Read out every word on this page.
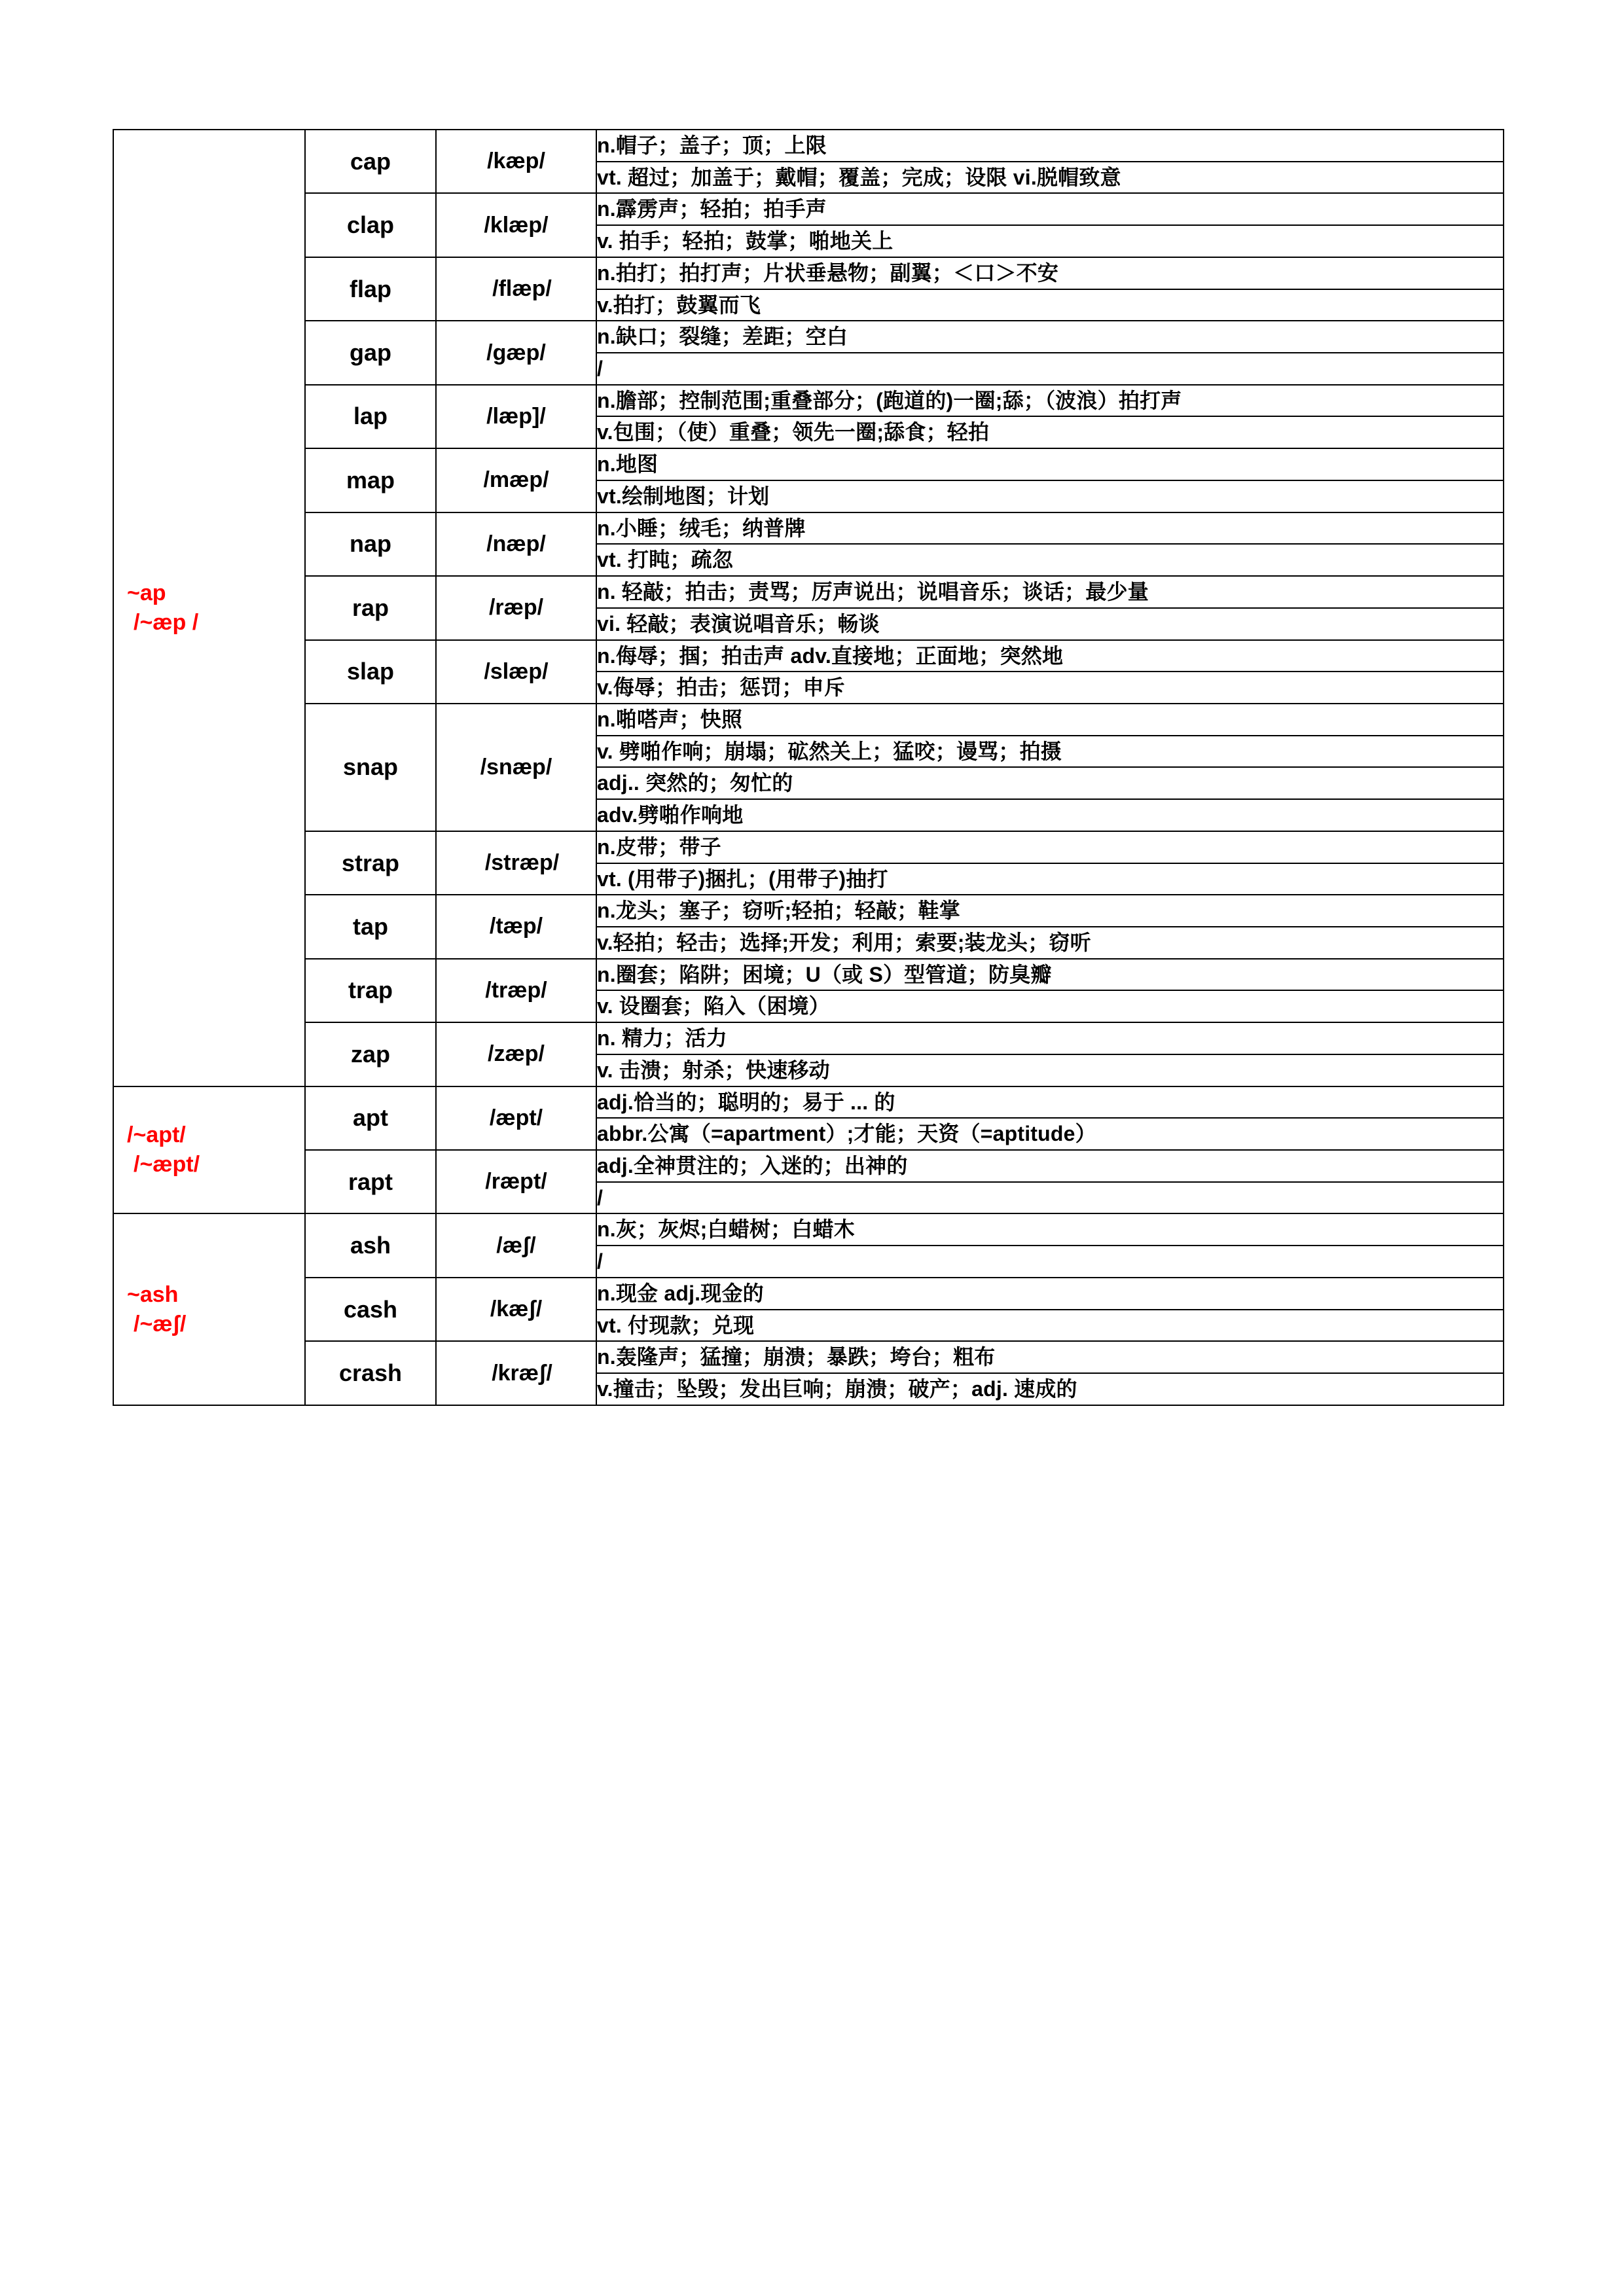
~ap
/~æp /	cap	/kæp/	n.帽子；盖子；顶；上限
			vt. 超过；加盖于；戴帽；覆盖；完成；设限 vi.脱帽致意
	clap	/klæp/	n.霹雳声；轻拍；拍手声
			v. 拍手；轻拍；鼓掌；啪地关上
	flap	/flæp/	n.拍打；拍打声；片状垂悬物；副翼；＜口＞不安
			v.拍打；鼓翼而飞
	gap	/ɡæp/	n.缺口；裂缝；差距；空白
			/
	lap	/læp]/	n.膽部；控制范围;重叠部分；(跑道的)一圈;舔；（波浪）拍打声
			v.包围；（使）重叠；领先一圈;舔食；轻拍
	map	/mæp/	n.地图
			vt.绘制地图；计划
	nap	/næp/	n.小睡；绒毛；纳普牌
			vt. 打盹；疏忽
	rap	/ræp/	n. 轻敲；拍击；责骂；厉声说出；说唱音乐；谈话；最少量
			vi. 轻敲；表演说唱音乐；畅谈
	slap	/slæp/	n.侮辱；掴；拍击声 adv.直接地；正面地；突然地
			v.侮辱；拍击；惩罚；申斥
	snap	/snæp/	n.啪嗒声；快照
			v. 劈啪作响；崩塌；砿然关上；猛咬；谩骂；拍摄
			adj.. 突然的；匆忙的
			adv.劈啪作响地
	strap	/stræp/	n.皮带；带子
			vt. (用带子)捆扎；(用带子)抽打
	tap	/tæp/	n.龙头；塞子；窃听;轻拍；轻敲；鞋掌
			v.轻拍；轻击；选择;开发；利用；索要;装龙头；窃听
	trap	/træp/	n.圈套；陷阱；困境；U（或 S）型管道；防臭瓣
			v. 设圈套；陷入（困境）
	zap	/zæp/	n. 精力；活力
			v. 击溃；射杀；快速移动

/~apt/
/~æpt/	apt	/æpt/	adj.恰当的；聪明的；易于 ... 的
			abbr.公寓（=apartment）;才能；天资（=aptitude）
	rapt	/ræpt/	adj.全神贯注的；入迷的；出神的
			/

~ash
/~æʃ/	ash	/æʃ/	n.灰；灰烬;白蜡树；白蜡木
			/
	cash	/kæʃ/	n.现金 adj.现金的
			vt. 付现款；兑现
	crash	/kræʃ/	n.轰隆声；猛撞；崩溃；暴跌；垮台；粗布
			v.撞击；坠毁；发出巨响；崩溃；破产；adj. 速成的
